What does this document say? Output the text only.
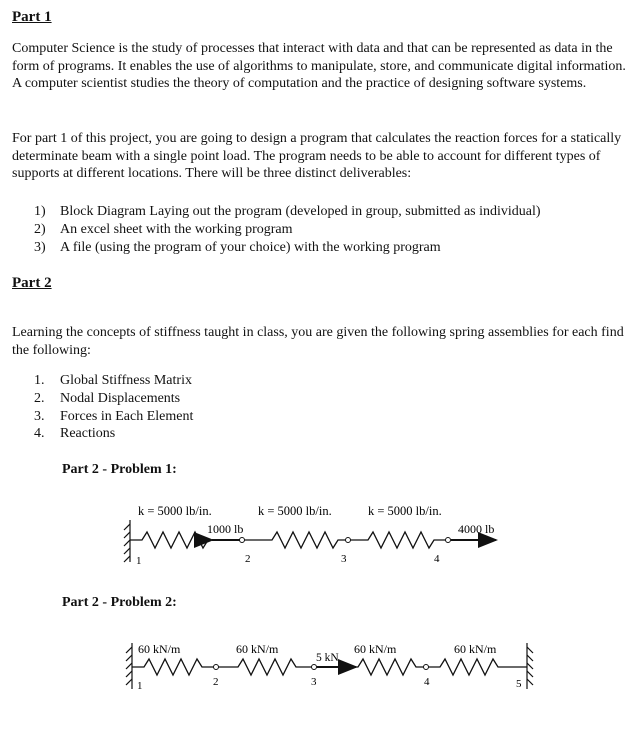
Part 1
Computer Science is the study of processes that interact with data and that can be represented as data in the form of programs. It enables the use of algorithms to manipulate, store, and communicate digital information. A computer scientist studies the theory of computation and the practice of designing software systems.
For part 1 of this project, you are going to design a program that calculates the reaction forces for a statically determinate beam with a single point load. The program needs to be able to account for different types of supports at different locations. There will be three distinct deliverables:
1)	Block Diagram Laying out the program (developed in group, submitted as individual)
2)	An excel sheet with the working program
3)	A file (using the program of your choice) with the working program
Part 2
Learning the concepts of stiffness taught in class, you are given the following spring assemblies for each find the following:
1.	Global Stiffness Matrix
2.	Nodal Displacements
3.	Forces in Each Element
4.	Reactions
Part 2 - Problem 1:
k = 5000 lb/in.	k = 5000 lb/in.	k = 5000 lb/in.
1000 lb	4000 lb
1	2	3	4
Part 2 - Problem 2:
60 kN/m	60 kN/m	60 kN/m	60 kN/m
5 kN
1	2	3	4	5
